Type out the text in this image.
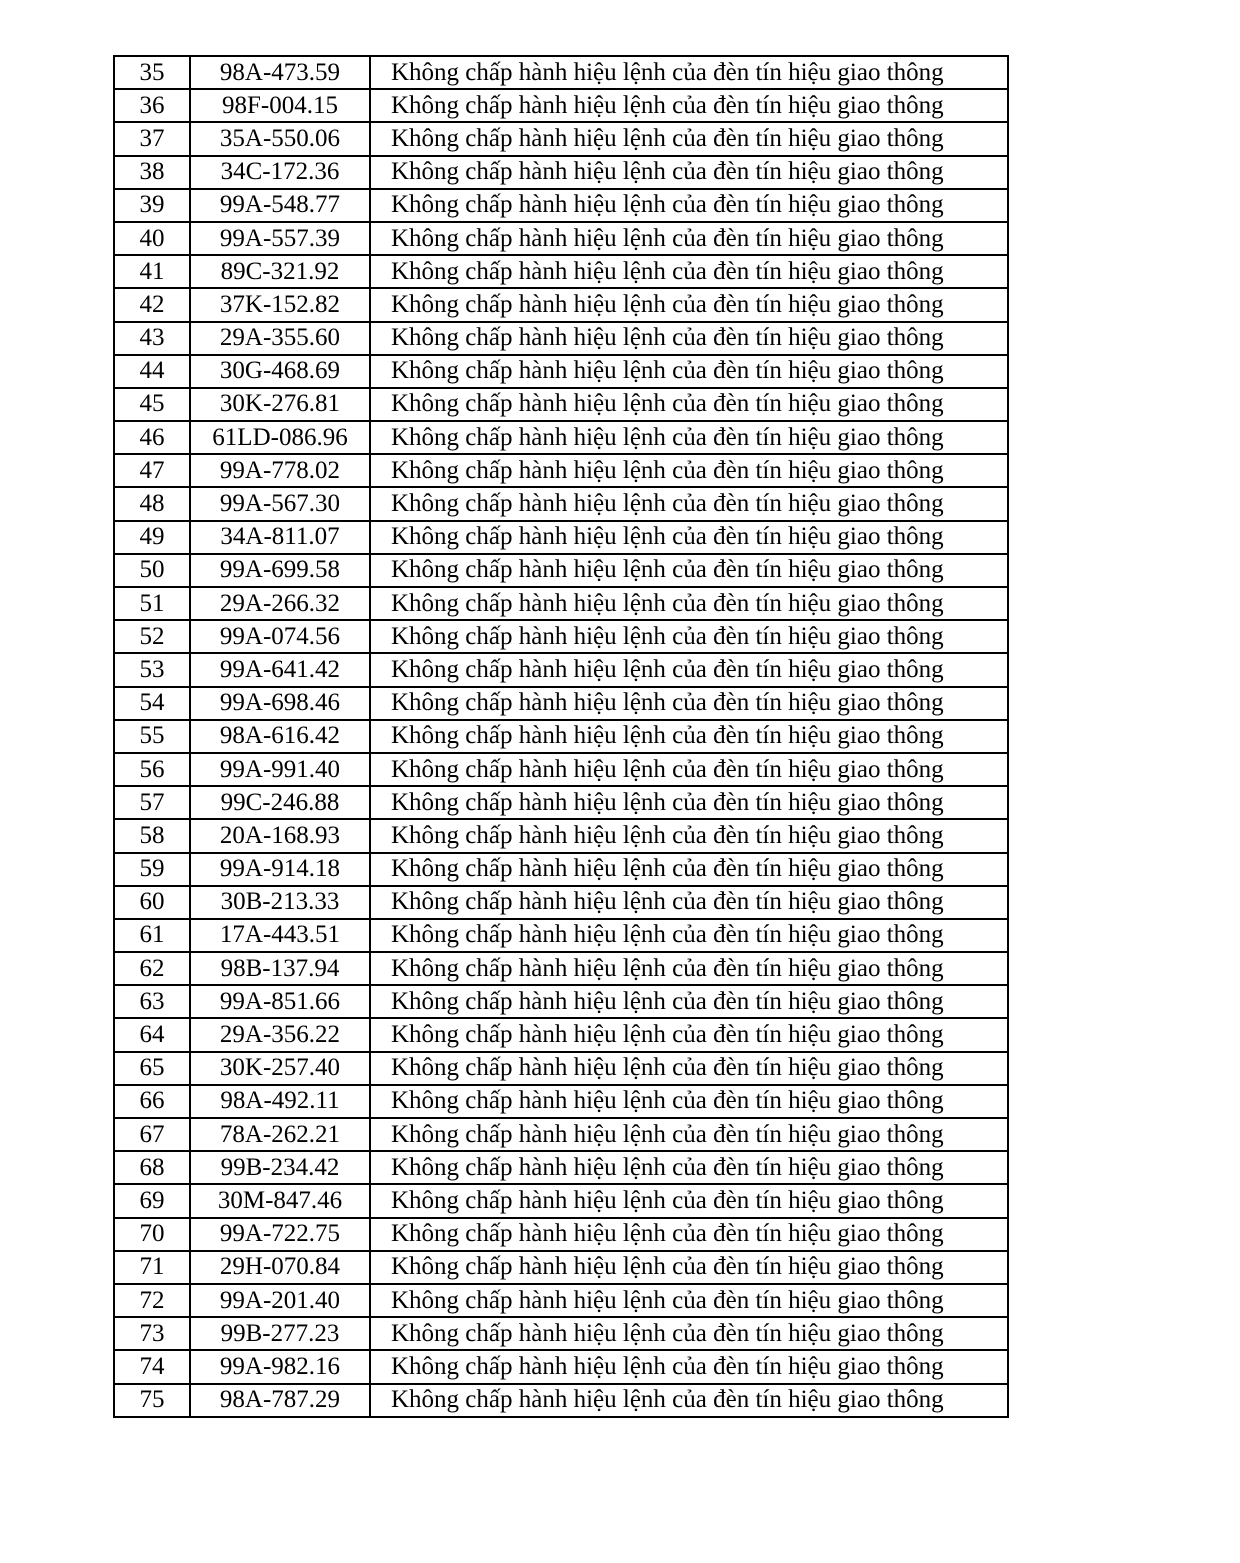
35	98A-473.59	Không chấp hành hiệu lệnh của đèn tín hiệu giao thông
36	98F-004.15	Không chấp hành hiệu lệnh của đèn tín hiệu giao thông
37	35A-550.06	Không chấp hành hiệu lệnh của đèn tín hiệu giao thông
38	34C-172.36	Không chấp hành hiệu lệnh của đèn tín hiệu giao thông
39	99A-548.77	Không chấp hành hiệu lệnh của đèn tín hiệu giao thông
40	99A-557.39	Không chấp hành hiệu lệnh của đèn tín hiệu giao thông
41	89C-321.92	Không chấp hành hiệu lệnh của đèn tín hiệu giao thông
42	37K-152.82	Không chấp hành hiệu lệnh của đèn tín hiệu giao thông
43	29A-355.60	Không chấp hành hiệu lệnh của đèn tín hiệu giao thông
44	30G-468.69	Không chấp hành hiệu lệnh của đèn tín hiệu giao thông
45	30K-276.81	Không chấp hành hiệu lệnh của đèn tín hiệu giao thông
46	61LD-086.96	Không chấp hành hiệu lệnh của đèn tín hiệu giao thông
47	99A-778.02	Không chấp hành hiệu lệnh của đèn tín hiệu giao thông
48	99A-567.30	Không chấp hành hiệu lệnh của đèn tín hiệu giao thông
49	34A-811.07	Không chấp hành hiệu lệnh của đèn tín hiệu giao thông
50	99A-699.58	Không chấp hành hiệu lệnh của đèn tín hiệu giao thông
51	29A-266.32	Không chấp hành hiệu lệnh của đèn tín hiệu giao thông
52	99A-074.56	Không chấp hành hiệu lệnh của đèn tín hiệu giao thông
53	99A-641.42	Không chấp hành hiệu lệnh của đèn tín hiệu giao thông
54	99A-698.46	Không chấp hành hiệu lệnh của đèn tín hiệu giao thông
55	98A-616.42	Không chấp hành hiệu lệnh của đèn tín hiệu giao thông
56	99A-991.40	Không chấp hành hiệu lệnh của đèn tín hiệu giao thông
57	99C-246.88	Không chấp hành hiệu lệnh của đèn tín hiệu giao thông
58	20A-168.93	Không chấp hành hiệu lệnh của đèn tín hiệu giao thông
59	99A-914.18	Không chấp hành hiệu lệnh của đèn tín hiệu giao thông
60	30B-213.33	Không chấp hành hiệu lệnh của đèn tín hiệu giao thông
61	17A-443.51	Không chấp hành hiệu lệnh của đèn tín hiệu giao thông
62	98B-137.94	Không chấp hành hiệu lệnh của đèn tín hiệu giao thông
63	99A-851.66	Không chấp hành hiệu lệnh của đèn tín hiệu giao thông
64	29A-356.22	Không chấp hành hiệu lệnh của đèn tín hiệu giao thông
65	30K-257.40	Không chấp hành hiệu lệnh của đèn tín hiệu giao thông
66	98A-492.11	Không chấp hành hiệu lệnh của đèn tín hiệu giao thông
67	78A-262.21	Không chấp hành hiệu lệnh của đèn tín hiệu giao thông
68	99B-234.42	Không chấp hành hiệu lệnh của đèn tín hiệu giao thông
69	30M-847.46	Không chấp hành hiệu lệnh của đèn tín hiệu giao thông
70	99A-722.75	Không chấp hành hiệu lệnh của đèn tín hiệu giao thông
71	29H-070.84	Không chấp hành hiệu lệnh của đèn tín hiệu giao thông
72	99A-201.40	Không chấp hành hiệu lệnh của đèn tín hiệu giao thông
73	99B-277.23	Không chấp hành hiệu lệnh của đèn tín hiệu giao thông
74	99A-982.16	Không chấp hành hiệu lệnh của đèn tín hiệu giao thông
75	98A-787.29	Không chấp hành hiệu lệnh của đèn tín hiệu giao thông
